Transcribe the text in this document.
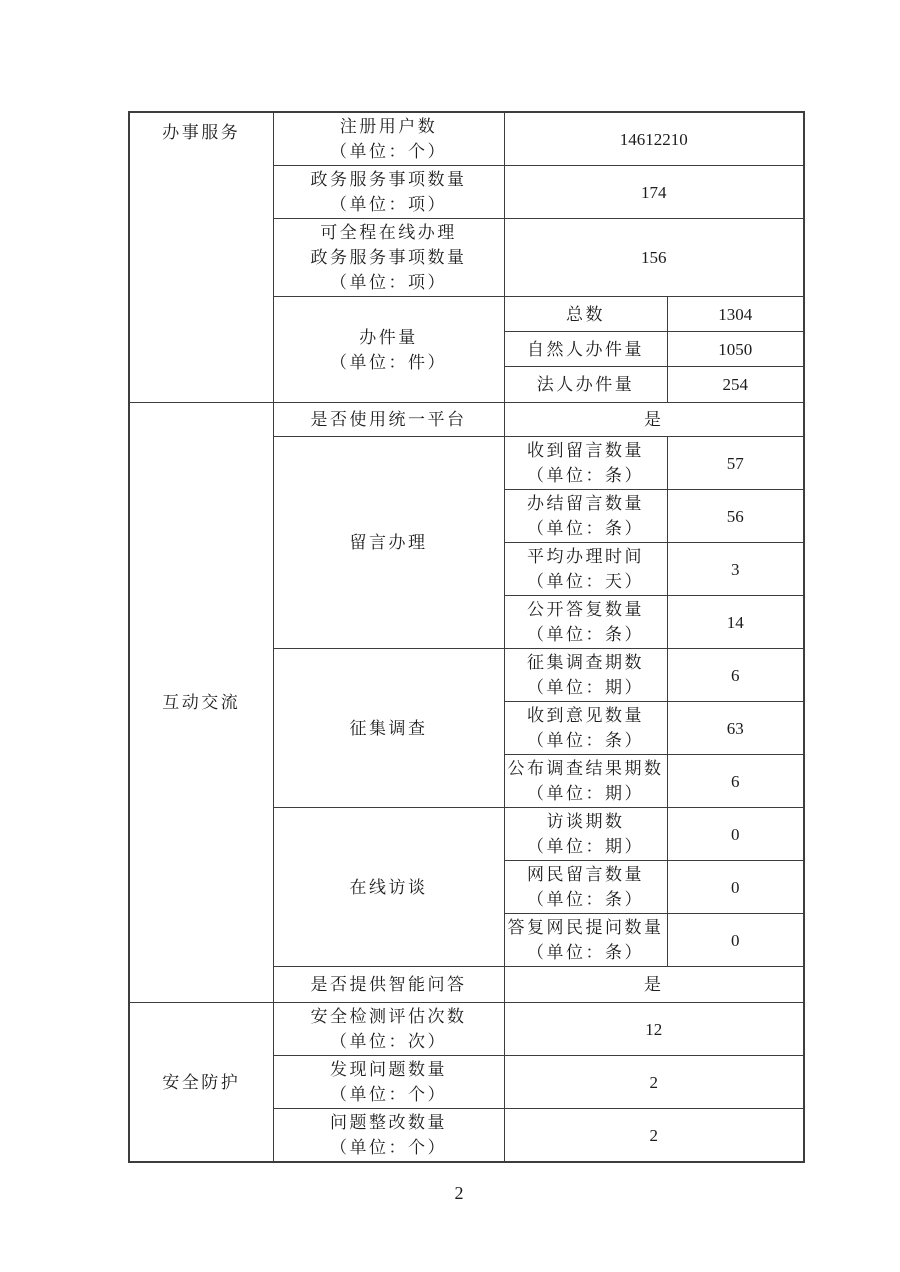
办事服务	注册用户数
（单位：个）	14612210	

	政务服务事项数量
（单位：项）	174	

	可全程在线办理
政务服务事项数量
（单位：项）	156	

	办件量
（单位：件）	总数	1304

		自然人办件量	1050

		法人办件量	254

互动交流	是否使用统一平台	是	

	留言办理	收到留言数量
（单位：条）	57

		办结留言数量
（单位：条）	56

		平均办理时间
（单位：天）	3

		公开答复数量
（单位：条）	14

	征集调查	征集调查期数
（单位：期）	6

		收到意见数量
（单位：条）	63

		公布调查结果期数
（单位：期）	6

	在线访谈	访谈期数
（单位：期）	0

		网民留言数量
（单位：条）	0

		答复网民提问数量
（单位：条）	0

	是否提供智能问答	是	

安全防护	安全检测评估次数
（单位：次）	12	

	发现问题数量
（单位：个）	2	

	问题整改数量
（单位：个）	2	
2
